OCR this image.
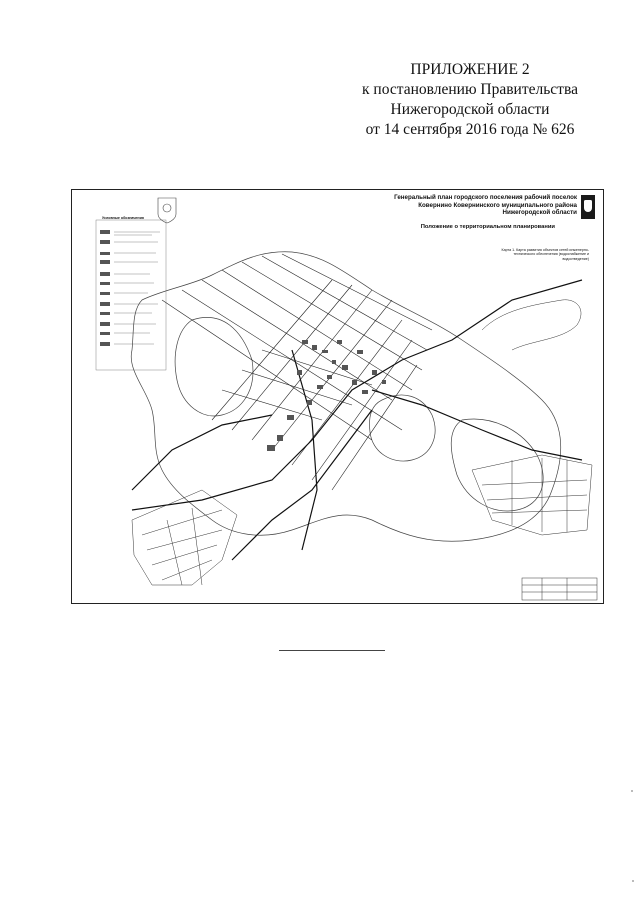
ПРИЛОЖЕНИЕ 2
к постановлению Правительства
Нижегородской области
от 14 сентября 2016 года № 626
Генеральный план городского поселения рабочий поселок Ковернино Ковернинского муниципального района Нижегородской области
Положение о территориальном планировании
Карта 1. Карта развития объектов сетей инженерно-технического обеспечения (водоснабжение и водоотведение)
Условные обозначения
